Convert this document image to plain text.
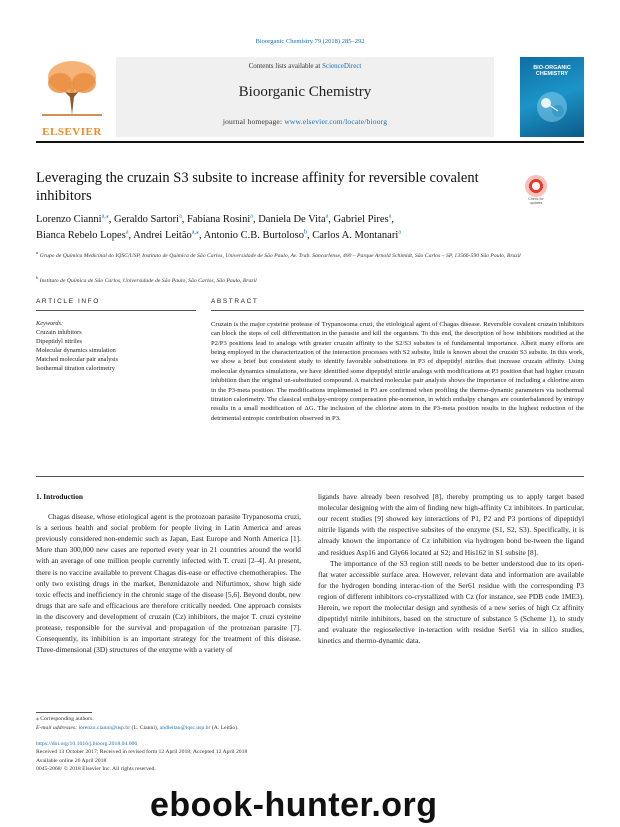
Bioorganic Chemistry 79 (2018) 285–292
ELSEVIER
Contents lists available at ScienceDirect
Bioorganic Chemistry
journal homepage: www.elsevier.com/locate/bioorg
BIO-ORGANIC CHEMISTRY
Leveraging the cruzain S3 subsite to increase affinity for reversible covalent inhibitors	Check for updates
Lorenzo Cianni$^{a,⁎}$, Geraldo Sartori$^a$, Fabiana Rosini$^a$, Daniela De Vita$^a$, Gabriel Pires$^a$,
Bianca Rebelo Lopes$^a$, Andrei Leitão$^{a,⁎}$, Antonio C.B. Burtoloso$^b$, Carlos A. Montanari$^a$
$^a$ Grupo de Química Medicinal do IQSC/USP, Instituto de Química de São Carlos, Universidade de São Paulo, Av. Trab. Sancarlense, 400 – Parque Arnold Schimidt, São Carlos – SP, 13566-590 São Paulo, Brazil
$^b$ Instituto de Química de São Carlos, Universidade de São Paulo, São Carlos, São Paulo, Brazil
ARTICLE INFO	ABSTRACT
Keywords:
Cruzain inhibitors
Dipeptidyl nitriles
Molecular dynamics simulation
Matched molecular pair analysis
Isothermal titration calorimetry
Cruzain is the major cysteine protease of Trypanosoma cruzi, the etiological agent of Chagas disease. Reversible covalent cruzain inhibitors can block the steps of cell differentiation in the parasite and kill the organism. To this end, the description of how inhibitors modified at the P2/P3 positions lead to analogs with greater cruzain affinity to the S2/S3 subsites is of fundamental importance. Albeit many efforts are being employed in the characterization of the interaction processes with S2 subsite, little is known about the cruzain S3 subsite. In this work, we show a brief but consistent study to identify favorable substitutions in P3 of dipeptidyl nitriles that increase cruzain affinity. Using molecular dynamics simulations, we have identified some dipeptidyl nitrile analogs with modifications at P3 position that had higher cruzain inhibition than the original un-substituted compound. A matched molecular pair analysis shows the importance of including a chlorine atom in the P3-meta position. The modifications implemented in P3 are confirmed when profiling the thermo-dynamic parameters via isothermal titration calorimetry. The classical enthalpy-entropy compensation phe-nomenon, in which enthalpy changes are counterbalanced by entropy results in a small modification of ΔG. The inclusion of the chlorine atom in the P3-meta position results in the highest reduction of the detrimental entropic contribution observed in P3.
1. Introduction

Chagas disease, whose etiological agent is the protozoan parasite Trypanosoma cruzi, is a serious health and social problem for people living in Latin America and areas previously considered non-endemic such as Japan, East Europe and North America [1]. More than 300,000 new cases are reported every year in 21 countries around the world with an average of one million people currently infected with T. cruzi [2–4]. At present, there is no vaccine available to prevent Chagas dis-ease or effective chemotherapies. The only two existing drugs in the market, Benznidazole and Nifurtimox, show high side toxic effects and inefficiency in the chronic stage of the disease [5,6]. Beyond doubt, new drugs that are safe and efficacious are therefore critically needed. One approach consists in the discovery and development of cruzain (Cz) inhibitors, the major T. cruzi cysteine protease, responsible for the survival and propagation of the protozoan parasite [7]. Consequently, its inhibition is an important strategy for the treatment of this disease. Three-dimensional (3D) structures of the enzyme with a variety of

ligands have already been resolved [8], thereby prompting us to apply target based molecular designing with the aim of finding new high-affinity Cz inhibitors. In particular, our recent studies [9] showed key interactions of P1, P2 and P3 portions of dipeptidyl nitrile ligands with the respective subsites of the enzyme (S1, S2, S3). Specifically, it is already known the importance of Cz inhibition via hydrogen bond be-tween the ligand and residues Asp16 and Gly66 located at S2; and His162 in S1 subsite [8].

The importance of the S3 region still needs to be better understood due to its open-flat water accessible surface area. However, relevant data and information are available for the hydrogen bonding interac-tion of the Ser61 residue with the corresponding P3 region of different inhibitors co-crystallized with Cz (for instance, see PDB code 1ME3). Herein, we report the molecular design and synthesis of a new series of high Cz affinity dipeptidyl nitrile inhibitors, based on the structure of substance 5 (Scheme 1), to study and evaluate the regioselective in-teraction with residue Ser61 via in silico studies, kinetics and thermo-dynamic data.

⁎ Corresponding authors.
E-mail addresses: lorenzo.cianni@usp.br (L. Cianni), andleitao@iqsc.usp.br (A. Leitão).
https://doi.org/10.1016/j.bioorg.2018.04.006
Received 13 October 2017; Received in revised form 12 April 2018; Accepted 12 April 2018
Available online 26 April 2018
0045-2068/ © 2018 Elsevier Inc. All rights reserved.
ebook-hunter.org
